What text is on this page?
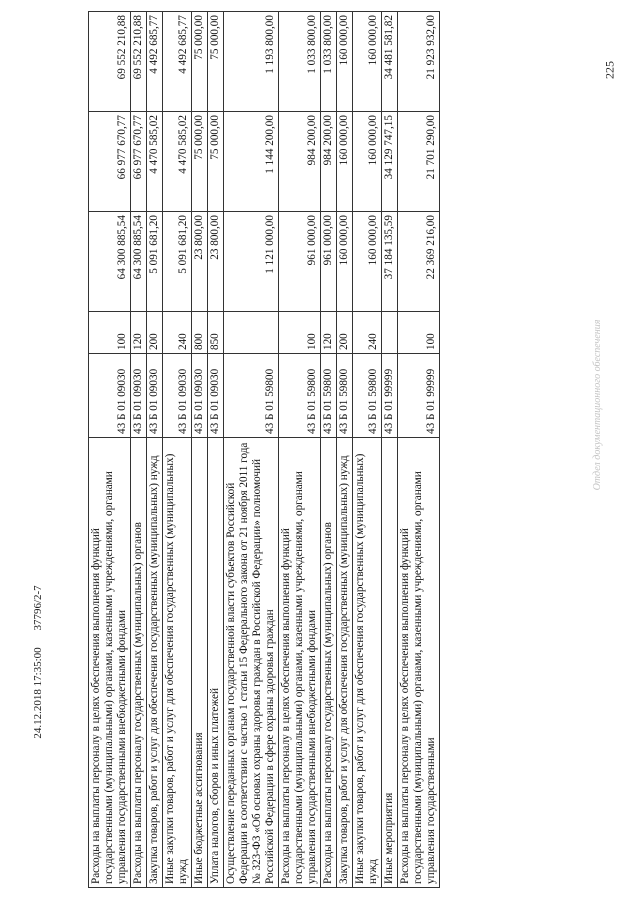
225
Отдел документационного обеспечения
Расходы на выплаты персоналу в целях обеспечения выполнения функций государственными (муниципальными) органами, казенными учреждениями, органами управления государственными внебюджетными фондами	43 Б 01 09030	100	64 300 885,54	66 977 670,77	69 552 210,88
Расходы на выплаты персоналу государственных (муниципальных) органов	43 Б 01 09030	120	64 300 885,54	66 977 670,77	69 552 210,88
Закупка товаров, работ и услуг для обеспечения государственных (муниципальных) нужд	43 Б 01 09030	200	5 091 681,20	4 470 585,02	4 492 685,77
Иные закупки товаров, работ и услуг для обеспечения государственных (муниципальных) нужд	43 Б 01 09030	240	5 091 681,20	4 470 585,02	4 492 685,77
Иные бюджетные ассигнования	43 Б 01 09030	800	23 800,00	75 000,00	75 000,00
Уплата налогов, сборов и иных платежей	43 Б 01 09030	850	23 800,00	75 000,00	75 000,00
Осуществление переданных органам государственной власти субъектов Российской Федерации в соответствии с частью 1 статьи 15 Федерального закона от 21 ноября 2011 года № 323-ФЗ «Об основах охраны здоровья граждан в Российской Федерации» полномочий Российской Федерации в сфере охраны здоровья граждан	43 Б 01 59800		1 121 000,00	1 144 200,00	1 193 800,00
Расходы на выплаты персоналу в целях обеспечения выполнения функций государственными (муниципальными) органами, казенными учреждениями, органами управления государственными внебюджетными фондами	43 Б 01 59800	100	961 000,00	984 200,00	1 033 800,00
Расходы на выплаты персоналу государственных (муниципальных) органов	43 Б 01 59800	120	961 000,00	984 200,00	1 033 800,00
Закупка товаров, работ и услуг для обеспечения государственных (муниципальных) нужд	43 Б 01 59800	200	160 000,00	160 000,00	160 000,00
Иные закупки товаров, работ и услуг для обеспечения государственных (муниципальных) нужд	43 Б 01 59800	240	160 000,00	160 000,00	160 000,00
Иные мероприятия	43 Б 01 99999		37 184 135,59	34 129 747,15	34 481 581,82
Расходы на выплаты персоналу в целях обеспечения выполнения функций государственными (муниципальными) органами, казенными учреждениями, органами управления государственными	43 Б 01 99999	100	22 369 216,00	21 701 290,00	21 923 932,00
24.12.2018 17:35:00 37796/2-7
